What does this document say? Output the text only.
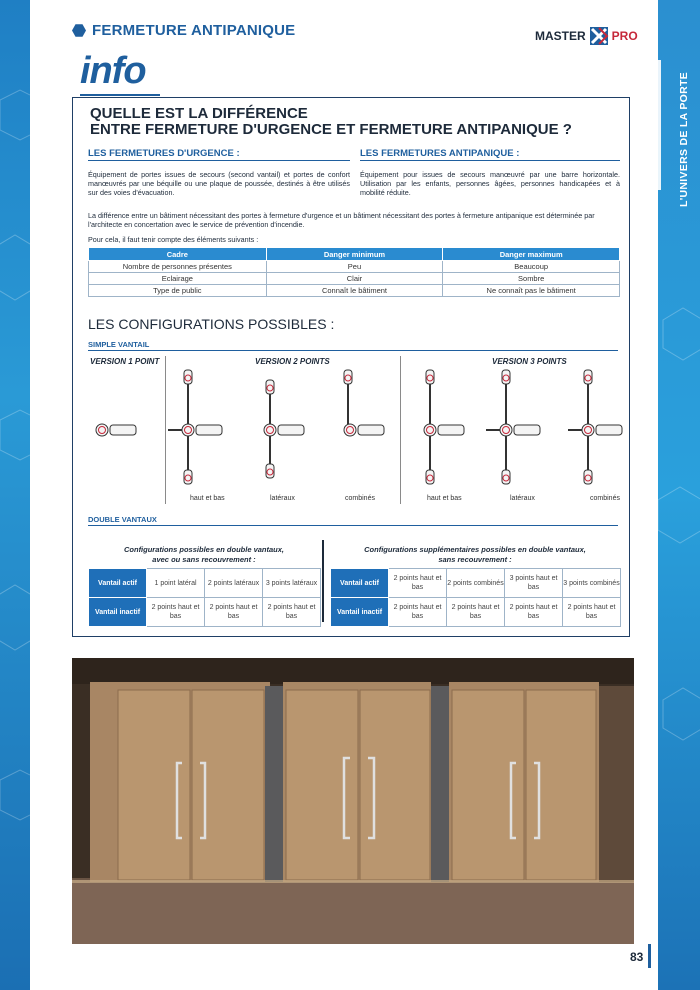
L'UNIVERS DE LA PORTE
FERMETURE ANTIPANIQUE	MASTER PRO
info
QUELLE EST LA DIFFÉRENCE
ENTRE FERMETURE D'URGENCE ET FERMETURE ANTIPANIQUE ?
LES FERMETURES D'URGENCE :
Équipement de portes issues de secours (second vantail) et portes de confort manœuvrés par une béquille ou une plaque de poussée, destinés à être utilisés sur des voies d'évacuation.
LES FERMETURES ANTIPANIQUE :
Équipement pour issues de secours manœuvré par une barre horizontale. Utilisation par les enfants, personnes âgées, personnes handicapées et à mobilité réduite.
La différence entre un bâtiment nécessitant des portes à fermeture d'urgence et un bâtiment nécessitant des portes à fermeture antipanique est déterminée par l'architecte en concertation avec le service de prévention d'incendie.
Pour cela, il faut tenir compte des éléments suivants :
Cadre	Danger minimum	Danger maximum
Nombre de personnes présentes	Peu	Beaucoup
Eclairage	Clair	Sombre
Type de public	Connaît le bâtiment	Ne connaît pas le bâtiment
LES CONFIGURATIONS POSSIBLES :
SIMPLE VANTAIL
VERSION 1 POINT	VERSION 2 POINTS	VERSION 3 POINTS
haut et bas	latéraux	combinés	haut et bas	latéraux	combinés
DOUBLE VANTAUX
Configurations possibles en double vantaux,
avec ou sans recouvrement :
Configurations supplémentaires possibles en double vantaux,
sans recouvrement :
Vantail actif	1 point latéral	2 points latéraux	3 points latéraux
Vantail inactif	2 points haut et bas	2 points haut et bas	2 points haut et bas
Vantail actif	2 points haut et bas	2 points combinés	3 points haut et bas	3 points combinés
Vantail inactif	2 points haut et bas	2 points haut et bas	2 points haut et bas	2 points haut et bas
83
